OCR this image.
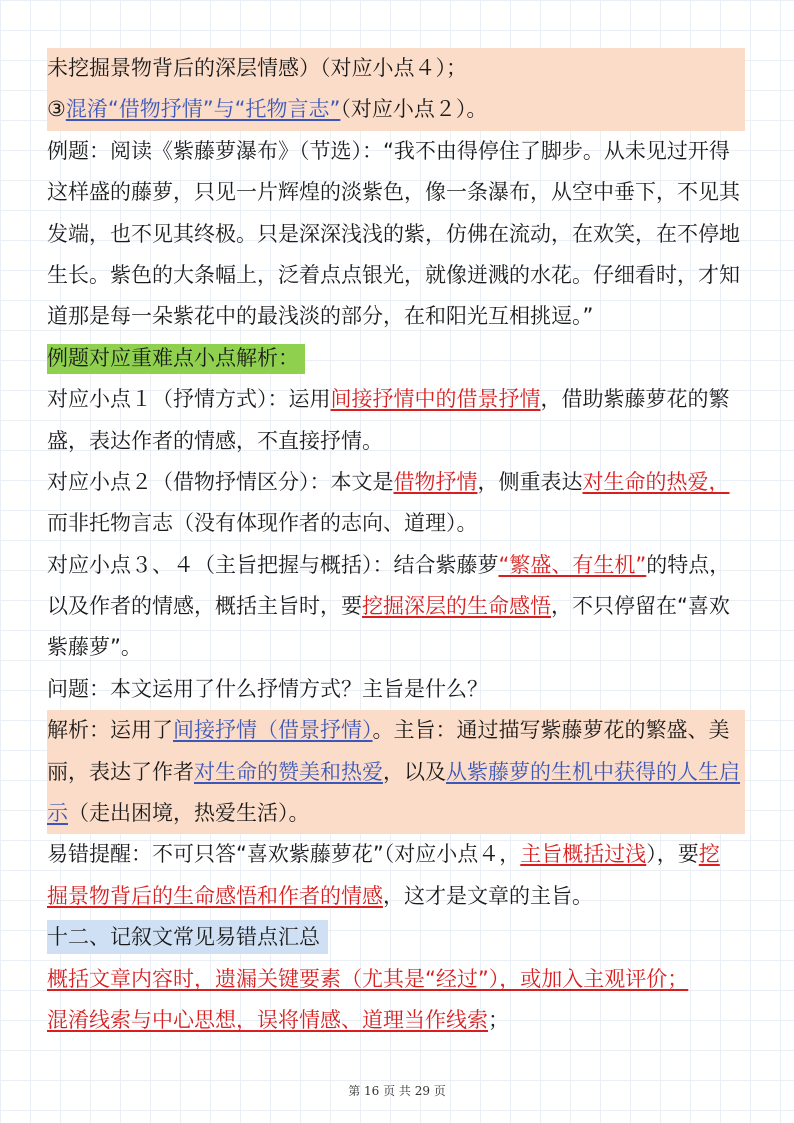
未挖掘景物背后的深层情感）（对应小点４）；
③混淆“借物抒情”与“托物言志”（对应小点２）。
例题：阅读《紫藤萝瀑布》（节选）：“我不由得停住了脚步。从未见过开得
这样盛的藤萝，只见一片辉煌的淡紫色，像一条瀑布，从空中垂下，不见其
发端，也不见其终极。只是深深浅浅的紫，仿佛在流动，在欢笑，在不停地
生长。紫色的大条幅上，泛着点点银光，就像迸溅的水花。仔细看时，才知
道那是每一朵紫花中的最浅淡的部分，在和阳光互相挑逗。”
例题对应重难点小点解析：
对应小点１（抒情方式）：运用间接抒情中的借景抒情，借助紫藤萝花的繁
盛，表达作者的情感，不直接抒情。
对应小点２（借物抒情区分）：本文是借物抒情，侧重表达对生命的热爱，
而非托物言志（没有体现作者的志向、道理）。
对应小点３、４（主旨把握与概括）：结合紫藤萝“繁盛、有生机”的特点，
以及作者的情感，概括主旨时，要挖掘深层的生命感悟，不只停留在“喜欢
紫藤萝”。
问题：本文运用了什么抒情方式？主旨是什么？
解析：运用了间接抒情（借景抒情）。主旨：通过描写紫藤萝花的繁盛、美
丽，表达了作者对生命的赞美和热爱，以及从紫藤萝的生机中获得的人生启
示（走出困境，热爱生活）。
易错提醒：不可只答“喜欢紫藤萝花”（对应小点４，主旨概括过浅），要挖
掘景物背后的生命感悟和作者的情感，这才是文章的主旨。
十二、记叙文常见易错点汇总
概括文章内容时，遗漏关键要素（尤其是“经过”），或加入主观评价；
混淆线索与中心思想，误将情感、道理当作线索；
第 16 页 共 29 页
